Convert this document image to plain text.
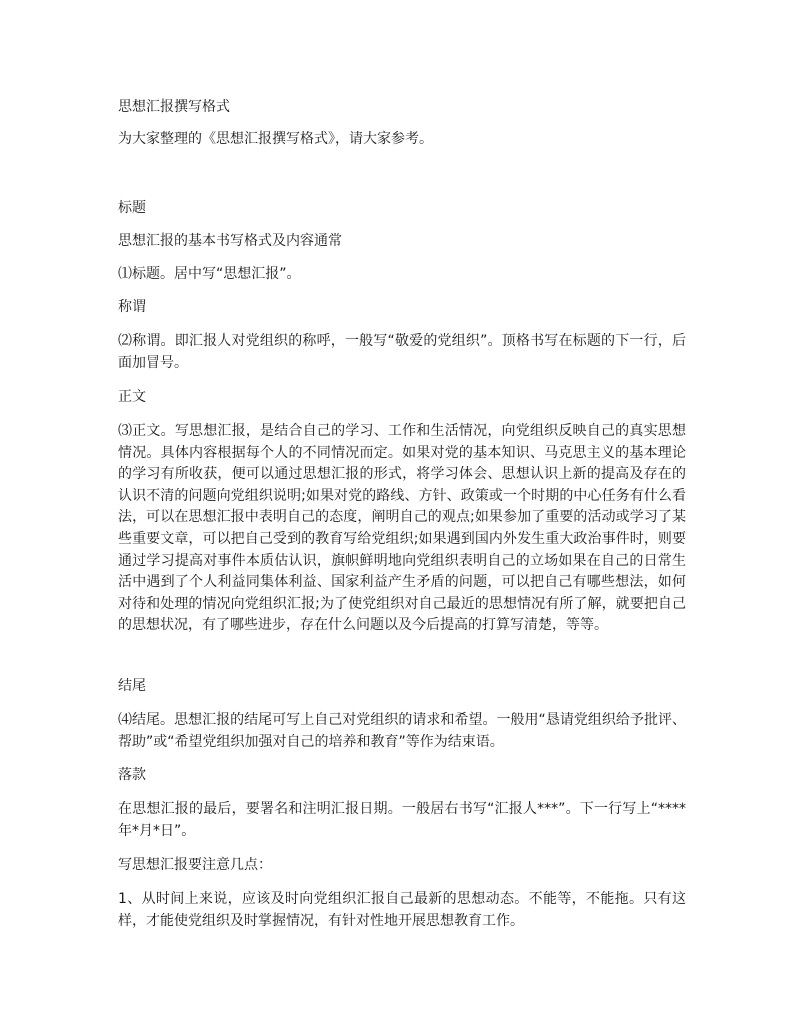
思想汇报撰写格式

为大家整理的《思想汇报撰写格式》，请大家参考。

标题

思想汇报的基本书写格式及内容通常

⑴标题。居中写“思想汇报”。

称谓

⑵称谓。即汇报人对党组织的称呼，一般写“敬爱的党组织”。顶格书写在标题的下一行，后面加冒号。

正文

⑶正文。写思想汇报，是结合自己的学习、工作和生活情况，向党组织反映自己的真实思想情况。具体内容根据每个人的不同情况而定。如果对党的基本知识、马克思主义的基本理论的学习有所收获，便可以通过思想汇报的形式，将学习体会、思想认识上新的提高及存在的认识不清的问题向党组织说明;如果对党的路线、方针、政策或一个时期的中心任务有什么看法，可以在思想汇报中表明自己的态度，阐明自己的观点;如果参加了重要的活动或学习了某些重要文章，可以把自己受到的教育写给党组织;如果遇到国内外发生重大政治事件时，则要通过学习提高对事件本质估认识，旗帜鲜明地向党组织表明自己的立场如果在自己的日常生活中遇到了个人利益同集体利益、国家利益产生矛盾的问题，可以把自己有哪些想法，如何对待和处理的情况向党组织汇报;为了使党组织对自己最近的思想情况有所了解，就要把自己的思想状况，有了哪些进步，存在什么问题以及今后提高的打算写清楚，等等。

结尾

⑷结尾。思想汇报的结尾可写上自己对党组织的请求和希望。一般用“恳请党组织给予批评、帮助”或“希望党组织加强对自己的培养和教育”等作为结束语。

落款

在思想汇报的最后，要署名和注明汇报日期。一般居右书写“汇报人***”。下一行写上“****年*月*日”。

写思想汇报要注意几点：

1、从时间上来说，应该及时向党组织汇报自己最新的思想动态。不能等，不能拖。只有这样，才能使党组织及时掌握情况，有针对性地开展思想教育工作。
